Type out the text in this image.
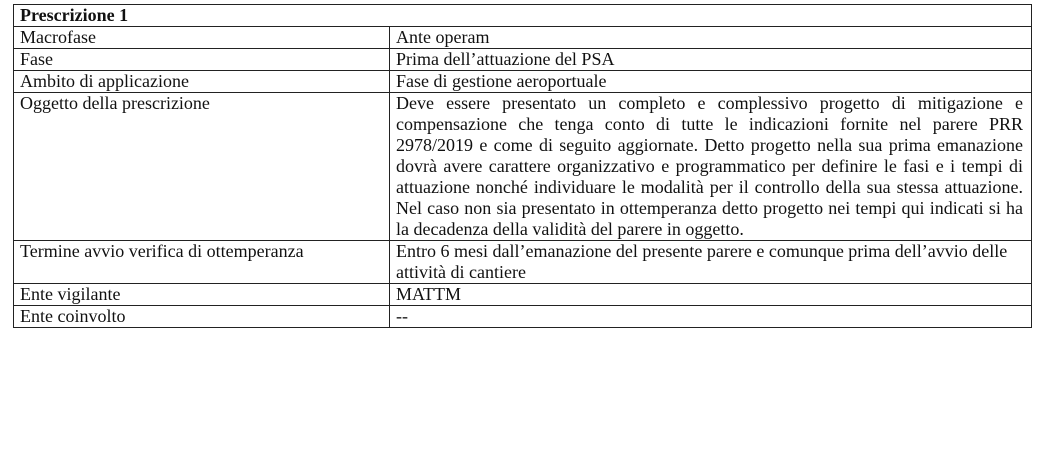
Prescrizione 1	
Macrofase	Ante operam
Fase	Prima dell’attuazione del PSA
Ambito di applicazione	Fase di gestione aeroportuale
Oggetto della prescrizione	Deve essere presentato un completo e complessivo progetto di mitigazione e compensazione che tenga conto di tutte le indicazioni fornite nel parere PRR 2978/2019 e come di seguito aggiornate. Detto progetto nella sua prima emanazione dovrà avere carattere organizzativo e programmatico per definire le fasi e i tempi di attuazione nonché individuare le modalità per il controllo della sua stessa attuazione. Nel caso non sia presentato in ottemperanza detto progetto nei tempi qui indicati si ha la decadenza della validità del parere in oggetto.
Termine avvio verifica di ottemperanza	Entro 6 mesi dall’emanazione del presente parere e comunque prima dell’avvio delle attività di cantiere
Ente vigilante	MATTM
Ente coinvolto	--
